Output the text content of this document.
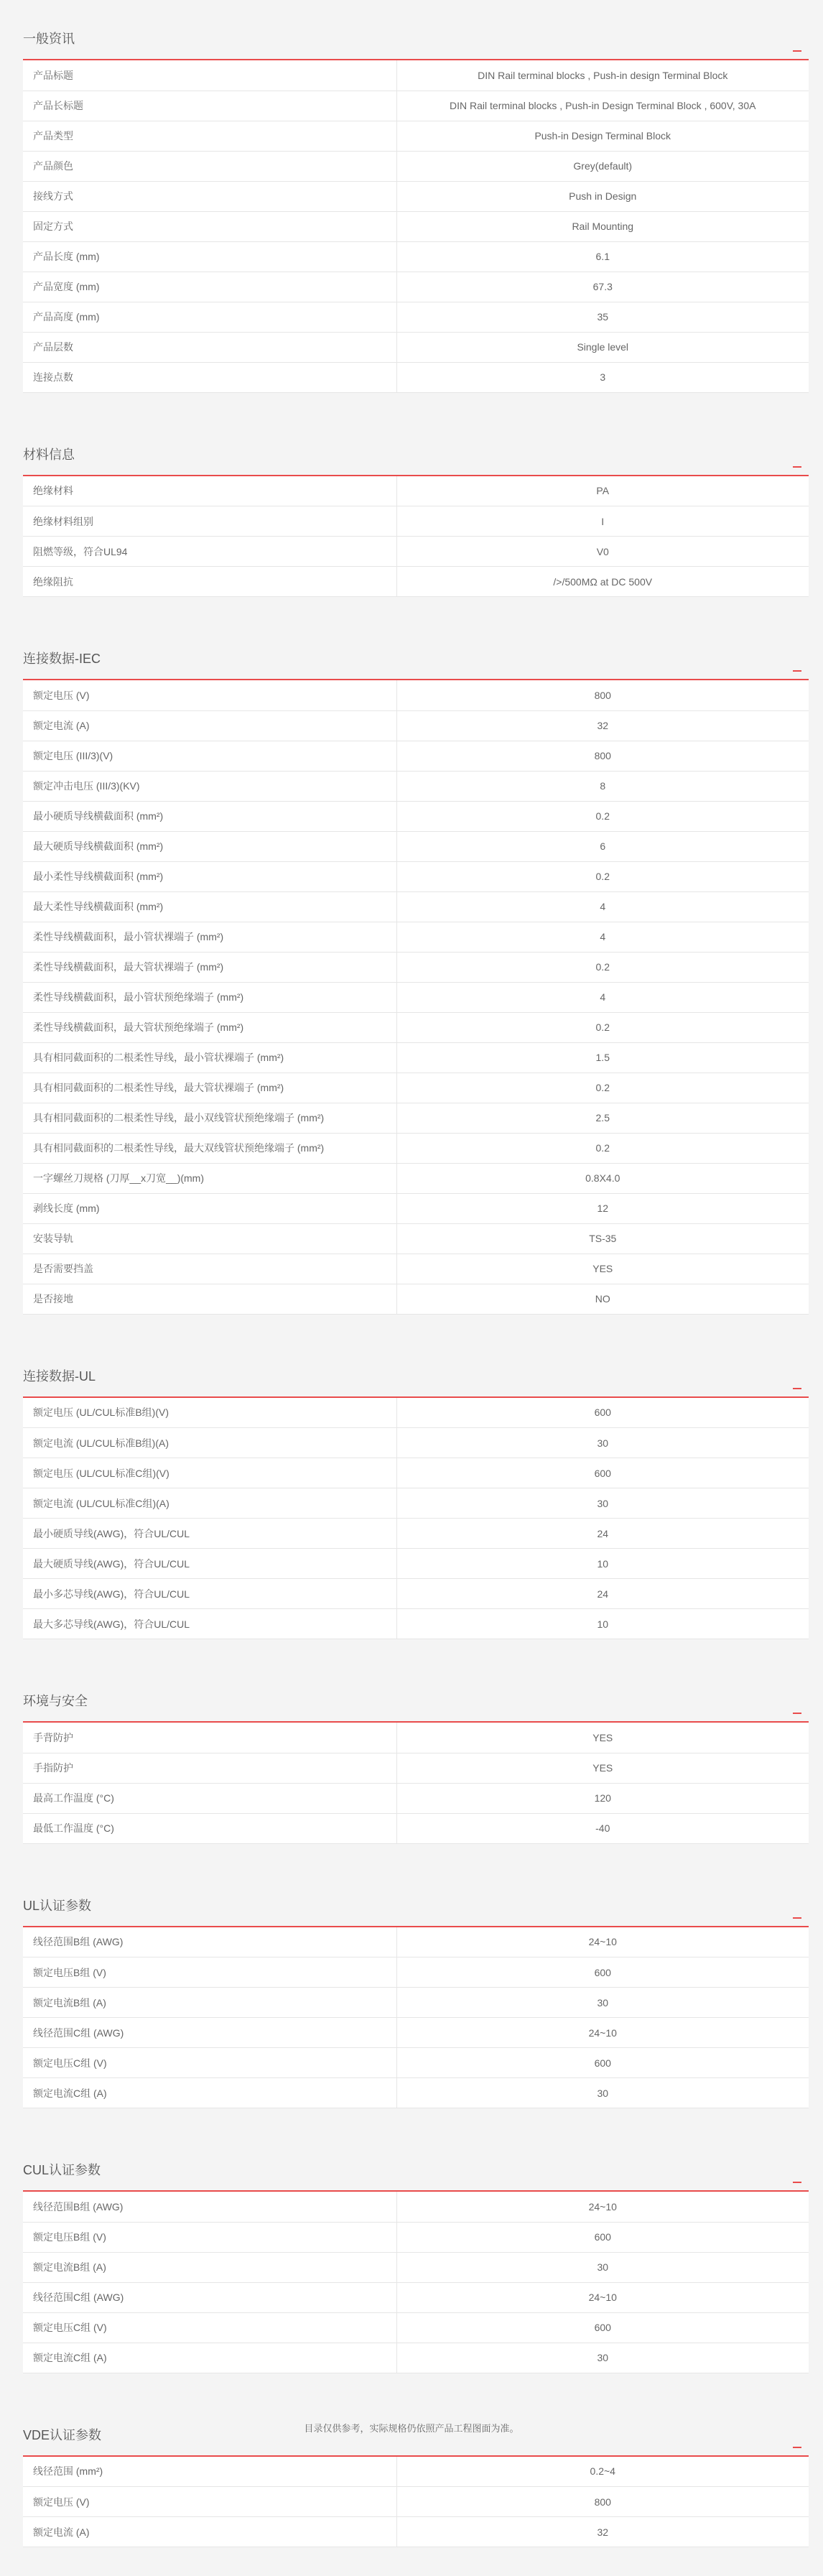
一般资讯
产品标题	DIN Rail terminal blocks , Push-in design Terminal Block
产品长标题	DIN Rail terminal blocks , Push-in Design Terminal Block , 600V, 30A
产品类型	Push-in Design Terminal Block
产品颜色	Grey(default)
接线方式	Push in Design
固定方式	Rail Mounting
产品长度 (mm)	6.1
产品宽度 (mm)	67.3
产品高度 (mm)	35
产品层数	Single level
连接点数	3
材料信息
绝缘材料	PA
绝缘材料组别	I
阻燃等级，符合UL94	V0
绝缘阻抗	/>/500MΩ at DC 500V
连接数据-IEC
额定电压 (V)	800
额定电流 (A)	32
额定电压 (III/3)(V)	800
额定冲击电压 (III/3)(KV)	8
最小硬质导线横截面积 (mm²)	0.2
最大硬质导线横截面积 (mm²)	6
最小柔性导线横截面积 (mm²)	0.2
最大柔性导线横截面积 (mm²)	4
柔性导线横截面积，最小管状裸端子 (mm²)	4
柔性导线横截面积，最大管状裸端子 (mm²)	0.2
柔性导线横截面积，最小管状预绝缘端子 (mm²)	4
柔性导线横截面积，最大管状预绝缘端子 (mm²)	0.2
具有相同截面积的二根柔性导线，最小管状裸端子 (mm²)	1.5
具有相同截面积的二根柔性导线，最大管状裸端子 (mm²)	0.2
具有相同截面积的二根柔性导线，最小双线管状预绝缘端子 (mm²)	2.5
具有相同截面积的二根柔性导线，最大双线管状预绝缘端子 (mm²)	0.2
一字螺丝刀规格 (刀厚__x刀宽__)(mm)	0.8X4.0
剥线长度 (mm)	12
安装导轨	TS-35
是否需要挡盖	YES
是否接地	NO
连接数据-UL
额定电压 (UL/CUL标准B组)(V)	600
额定电流 (UL/CUL标准B组)(A)	30
额定电压 (UL/CUL标准C组)(V)	600
额定电流 (UL/CUL标准C组)(A)	30
最小硬质导线(AWG)，符合UL/CUL	24
最大硬质导线(AWG)，符合UL/CUL	10
最小多芯导线(AWG)，符合UL/CUL	24
最大多芯导线(AWG)，符合UL/CUL	10
环境与安全
手背防护	YES
手指防护	YES
最高工作温度 (°C)	120
最低工作温度 (°C)	-40
UL认证参数
线径范围B组 (AWG)	24~10
额定电压B组 (V)	600
额定电流B组 (A)	30
线径范围C组 (AWG)	24~10
额定电压C组 (V)	600
额定电流C组 (A)	30
CUL认证参数
线径范围B组 (AWG)	24~10
额定电压B组 (V)	600
额定电流B组 (A)	30
线径范围C组 (AWG)	24~10
额定电压C组 (V)	600
额定电流C组 (A)	30
VDE认证参数
线径范围 (mm²)	0.2~4
额定电压 (V)	800
额定电流 (A)	32
目录仅供参考，实际规格仍依照产品工程图面为准。
